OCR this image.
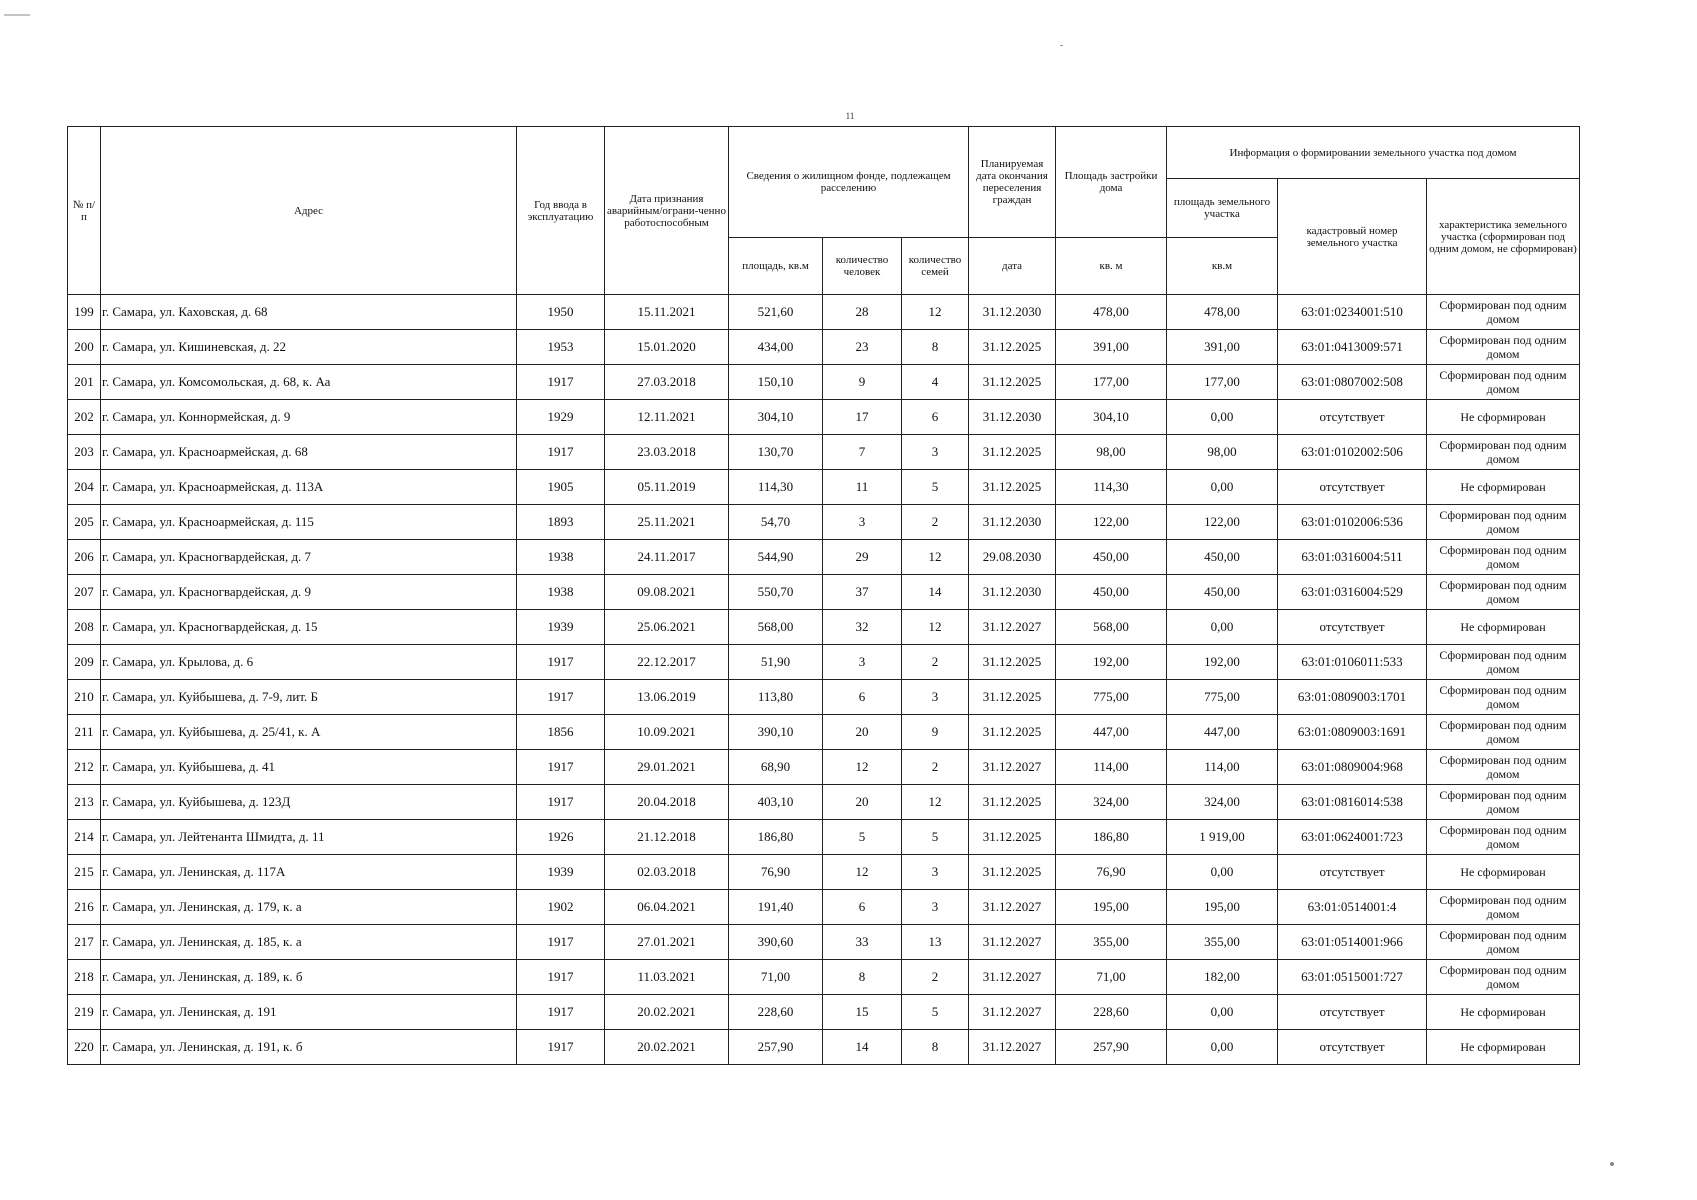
11
№ п/п	Адрес	Год ввода в эксплуатацию	Дата признания аварийным/ограни-ченно работоспособным	Сведения о жилищном фонде, подлежащем расселению			Планируемая дата окончания переселения граждан	Площадь застройки дома	Информация о формировании земельного участка под домом		
									площадь земельного участка	кадастровый номер земельного участка	характеристика земельного участка (сформирован под одним домом, не сформирован)
				площадь, кв.м	количество человек	количество семей	дата	кв. м	кв.м		
199	г. Самара, ул. Каховская, д. 68	1950	15.11.2021	521,60	28	12	31.12.2030	478,00	478,00	63:01:0234001:510	Сформирован под одним домом
200	г. Самара, ул. Кишиневская, д. 22	1953	15.01.2020	434,00	23	8	31.12.2025	391,00	391,00	63:01:0413009:571	Сформирован под одним домом
201	г. Самара, ул. Комсомольская, д. 68, к. Аа	1917	27.03.2018	150,10	9	4	31.12.2025	177,00	177,00	63:01:0807002:508	Сформирован под одним домом
202	г. Самара, ул. Коннормейская, д. 9	1929	12.11.2021	304,10	17	6	31.12.2030	304,10	0,00	отсутствует	Не сформирован
203	г. Самара, ул. Красноармейская, д. 68	1917	23.03.2018	130,70	7	3	31.12.2025	98,00	98,00	63:01:0102002:506	Сформирован под одним домом
204	г. Самара, ул. Красноармейская, д. 113А	1905	05.11.2019	114,30	11	5	31.12.2025	114,30	0,00	отсутствует	Не сформирован
205	г. Самара, ул. Красноармейская, д. 115	1893	25.11.2021	54,70	3	2	31.12.2030	122,00	122,00	63:01:0102006:536	Сформирован под одним домом
206	г. Самара, ул. Красногвардейская, д. 7	1938	24.11.2017	544,90	29	12	29.08.2030	450,00	450,00	63:01:0316004:511	Сформирован под одним домом
207	г. Самара, ул. Красногвардейская, д. 9	1938	09.08.2021	550,70	37	14	31.12.2030	450,00	450,00	63:01:0316004:529	Сформирован под одним домом
208	г. Самара, ул. Красногвардейская, д. 15	1939	25.06.2021	568,00	32	12	31.12.2027	568,00	0,00	отсутствует	Не сформирован
209	г. Самара, ул. Крылова, д. 6	1917	22.12.2017	51,90	3	2	31.12.2025	192,00	192,00	63:01:0106011:533	Сформирован под одним домом
210	г. Самара, ул. Куйбышева, д. 7-9, лит. Б	1917	13.06.2019	113,80	6	3	31.12.2025	775,00	775,00	63:01:0809003:1701	Сформирован под одним домом
211	г. Самара, ул. Куйбышева, д. 25/41, к. А	1856	10.09.2021	390,10	20	9	31.12.2025	447,00	447,00	63:01:0809003:1691	Сформирован под одним домом
212	г. Самара, ул. Куйбышева, д. 41	1917	29.01.2021	68,90	12	2	31.12.2027	114,00	114,00	63:01:0809004:968	Сформирован под одним домом
213	г. Самара, ул. Куйбышева, д. 123Д	1917	20.04.2018	403,10	20	12	31.12.2025	324,00	324,00	63:01:0816014:538	Сформирован под одним домом
214	г. Самара, ул. Лейтенанта Шмидта, д. 11	1926	21.12.2018	186,80	5	5	31.12.2025	186,80	1 919,00	63:01:0624001:723	Сформирован под одним домом
215	г. Самара, ул. Ленинская, д. 117А	1939	02.03.2018	76,90	12	3	31.12.2025	76,90	0,00	отсутствует	Не сформирован
216	г. Самара, ул. Ленинская, д. 179, к. а	1902	06.04.2021	191,40	6	3	31.12.2027	195,00	195,00	63:01:0514001:4	Сформирован под одним домом
217	г. Самара, ул. Ленинская, д. 185, к. а	1917	27.01.2021	390,60	33	13	31.12.2027	355,00	355,00	63:01:0514001:966	Сформирован под одним домом
218	г. Самара, ул. Ленинская, д. 189, к. б	1917	11.03.2021	71,00	8	2	31.12.2027	71,00	182,00	63:01:0515001:727	Сформирован под одним домом
219	г. Самара, ул. Ленинская, д. 191	1917	20.02.2021	228,60	15	5	31.12.2027	228,60	0,00	отсутствует	Не сформирован
220	г. Самара, ул. Ленинская, д. 191, к. б	1917	20.02.2021	257,90	14	8	31.12.2027	257,90	0,00	отсутствует	Не сформирован
